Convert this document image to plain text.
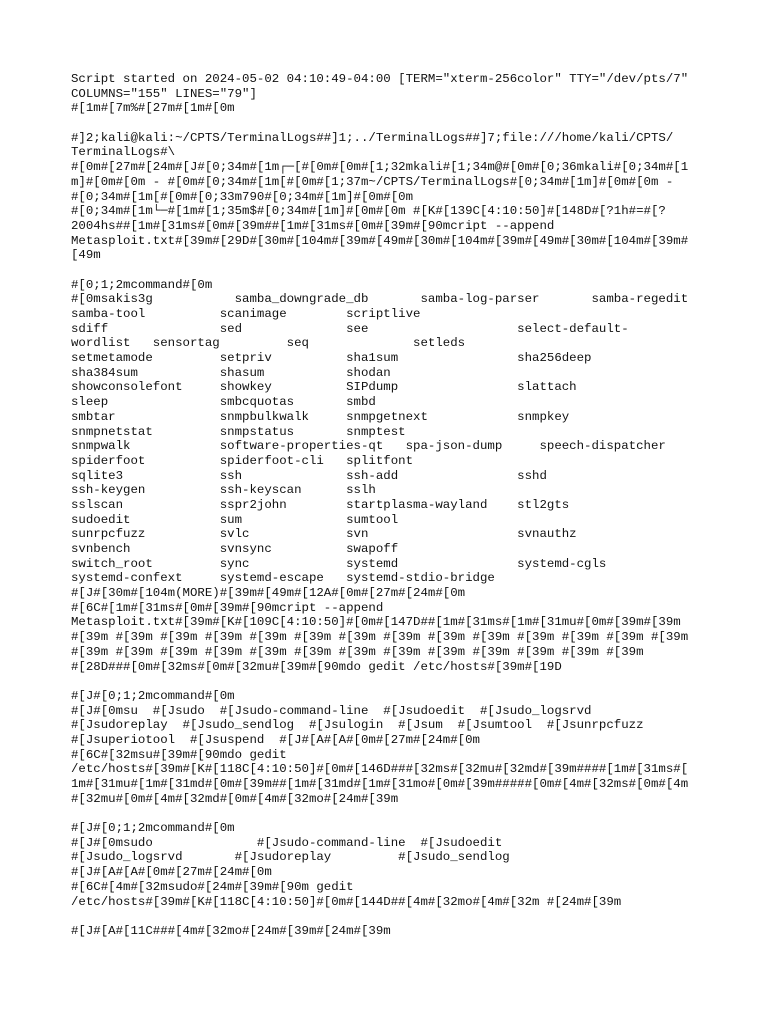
Script started on 2024-05-02 04:10:49-04:00 [TERM="xterm-256color" TTY="/dev/pts/7"
COLUMNS="155" LINES="79"]
#[1m#[7m%#[27m#[1m#[0m
#]2;kali@kali:~/CPTS/TerminalLogs##]1;../TerminalLogs##]7;file:///home/kali/CPTS/
TerminalLogs#\
#[0m#[27m#[24m#[J#[0;34m#[1m┌─[#[0m#[0m#[1;32mkali#[1;34m@#[0m#[0;36mkali#[0;34m#[1
m]#[0m#[0m - #[0m#[0;34m#[1m[#[0m#[1;37m~/CPTS/TerminalLogs#[0;34m#[1m]#[0m#[0m -
#[0;34m#[1m[#[0m#[0;33m790#[0;34m#[1m]#[0m#[0m
#[0;34m#[1m└─#[1m#[1;35m$#[0;34m#[1m]#[0m#[0m #[K#[139C[4:10:50]#[148D#[?1h#=#[?
2004hs##[1m#[31ms#[0m#[39m##[1m#[31ms#[0m#[39m#[90mcript --append
Metasploit.txt#[39m#[29D#[30m#[104m#[39m#[49m#[30m#[104m#[39m#[49m#[30m#[104m#[39m#
[49m
#[0;1;2mcommand#[0m
#[0msakis3g           samba_downgrade_db       samba-log-parser       samba-regedit
samba-tool          scanimage        scriptlive
sdiff               sed              see                    select-default-
wordlist   sensortag         seq              setleds
setmetamode         setpriv          sha1sum                sha256deep
sha384sum           shasum           shodan
showconsolefont     showkey          SIPdump                slattach
sleep               smbcquotas       smbd
smbtar              snmpbulkwalk     snmpgetnext            snmpkey
snmpnetstat         snmpstatus       snmptest
snmpwalk            software-properties-qt   spa-json-dump     speech-dispatcher
spiderfoot          spiderfoot-cli   splitfont
sqlite3             ssh              ssh-add                sshd
ssh-keygen          ssh-keyscan      sslh
sslscan             sspr2john        startplasma-wayland    stl2gts
sudoedit            sum              sumtool
sunrpcfuzz          svlc             svn                    svnauthz
svnbench            svnsync          swapoff
switch_root         sync             systemd                systemd-cgls
systemd-confext     systemd-escape   systemd-stdio-bridge
#[J#[30m#[104m(MORE)#[39m#[49m#[12A#[0m#[27m#[24m#[0m
#[6C#[1m#[31ms#[0m#[39m#[90mcript --append
Metasploit.txt#[39m#[K#[109C[4:10:50]#[0m#[147D##[1m#[31ms#[1m#[31mu#[0m#[39m#[39m
#[39m #[39m #[39m #[39m #[39m #[39m #[39m #[39m #[39m #[39m #[39m #[39m #[39m #[39m
#[39m #[39m #[39m #[39m #[39m #[39m #[39m #[39m #[39m #[39m #[39m #[39m #[39m
#[28D###[0m#[32ms#[0m#[32mu#[39m#[90mdo gedit /etc/hosts#[39m#[19D
#[J#[0;1;2mcommand#[0m
#[J#[0msu  #[Jsudo  #[Jsudo-command-line  #[Jsudoedit  #[Jsudo_logsrvd
#[Jsudoreplay  #[Jsudo_sendlog  #[Jsulogin  #[Jsum  #[Jsumtool  #[Jsunrpcfuzz
#[Jsuperiotool  #[Jsuspend  #[J#[A#[A#[0m#[27m#[24m#[0m
#[6C#[32msu#[39m#[90mdo gedit
/etc/hosts#[39m#[K#[118C[4:10:50]#[0m#[146D###[32ms#[32mu#[32md#[39m####[1m#[31ms#[
1m#[31mu#[1m#[31md#[0m#[39m##[1m#[31md#[1m#[31mo#[0m#[39m#####[0m#[4m#[32ms#[0m#[4m
#[32mu#[0m#[4m#[32md#[0m#[4m#[32mo#[24m#[39m
#[J#[0;1;2mcommand#[0m
#[J#[0msudo              #[Jsudo-command-line  #[Jsudoedit
#[Jsudo_logsrvd       #[Jsudoreplay         #[Jsudo_sendlog
#[J#[A#[A#[0m#[27m#[24m#[0m
#[6C#[4m#[32msudo#[24m#[39m#[90m gedit
/etc/hosts#[39m#[K#[118C[4:10:50]#[0m#[144D##[4m#[32mo#[4m#[32m #[24m#[39m
#[J#[A#[11C###[4m#[32mo#[24m#[39m#[24m#[39m
